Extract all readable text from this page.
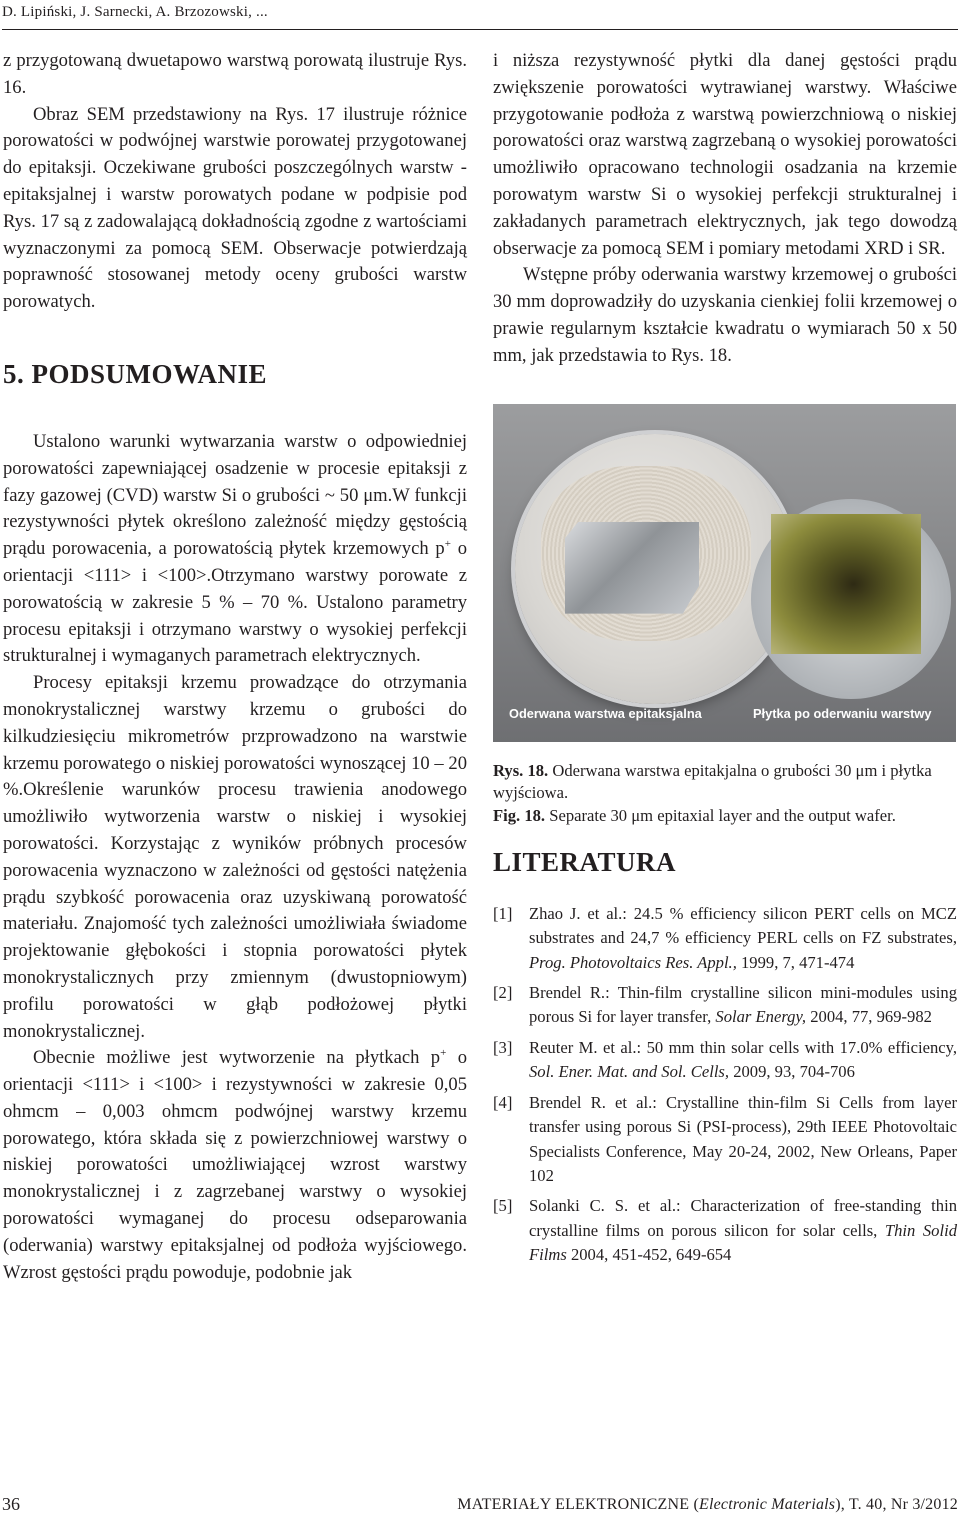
D. Lipiński, J. Sarnecki, A. Brzozowski, ...

z przygotowaną dwuetapowo warstwą porowatą ilustruje Rys. 16.

Obraz SEM przedstawiony na Rys. 17 ilustruje różnice porowatości w podwójnej warstwie porowatej przygotowanej do epitaksji. Oczekiwane grubości poszczególnych warstw - epitaksjalnej i warstw porowatych podane w podpisie pod Rys. 17 są z zadowalającą dokładnością zgodne z wartościami wyznaczonymi za pomocą SEM. Obserwacje potwierdzają poprawność stosowanej metody oceny grubości warstw porowatych.

5. PODSUMOWANIE

Ustalono warunki wytwarzania warstw o odpowiedniej porowatości zapewniającej osadzenie w procesie epitaksji z fazy gazowej (CVD) warstw Si o grubości ~ 50 μm.W funkcji rezystywności płytek określono zależność między gęstością prądu porowacenia, a porowatością płytek krzemowych p+ o orientacji <111> i <100>.Otrzymano warstwy porowate z porowatością w zakresie 5 % – 70 %. Ustalono parametry procesu epitaksji i otrzymano warstwy o wysokiej perfekcji strukturalnej i wymaganych parametrach elektrycznych.

Procesy epitaksji krzemu prowadzące do otrzymania monokrystalicznej warstwy krzemu o grubości do kilkudziesięciu mikrometrów przprowadzono na warstwie krzemu porowatego o niskiej porowatości wynoszącej 10 – 20 %.Określenie warunków procesu trawienia anodowego umożliwiło wytworzenia warstw o niskiej i wysokiej porowatości. Korzystając z wyników próbnych procesów porowacenia wyznaczono w zależności od gęstości natężenia prądu szybkość porowacenia oraz uzyskiwaną porowatość materiału. Znajomość tych zależności umożliwiała świadome projektowanie głębokości i stopnia porowatości płytek monokrystalicznych przy zmiennym (dwustopniowym) profilu porowatości w głąb podłożowej płytki monokrystalicznej.

Obecnie możliwe jest wytworzenie na płytkach p+ o orientacji <111> i <100> i rezystywności w zakresie 0,05 ohmcm – 0,003 ohmcm podwójnej warstwy krzemu porowatego, która składa się z powierzchniowej warstwy o niskiej porowatości umożliwiającej wzrost warstwy monokrystalicznej i z zagrzebanej warstwy o wysokiej porowatości wymaganej do procesu odseparowania (oderwania) warstwy epitaksjalnej od podłoża wyjściowego. Wzrost gęstości prądu powoduje, podobnie jak

i niższa rezystywność płytki dla danej gęstości prądu zwiększenie porowatości wytrawianej warstwy. Właściwe przygotowanie podłoża z warstwą powierzchniową o niskiej porowatości oraz warstwą zagrzebaną o wysokiej porowatości umożliwiło opracowano technologii osadzania na krzemie porowatym warstw Si o wysokiej perfekcji strukturalnej i zakładanych parametrach elektrycznych, jak tego dowodzą obserwacje za pomocą SEM i pomiary metodami XRD i SR.

Wstępne próby oderwania warstwy krzemowej o grubości 30 mm doprowadziły do uzyskania cienkiej folii krzemowej o prawie regularnym kształcie kwadratu o wymiarach 50 x 50 mm, jak przedstawia to Rys. 18.

Oderwana warstwa epitaksjalna	Płytka po oderwaniu warstwy

Rys. 18. Oderwana warstwa epitakjalna o grubości 30 μm i płytka wyjściowa.

Fig. 18. Separate 30 μm epitaxial layer and the output wafer.

LITERATURA
[1]	Zhao J. et al.: 24.5 % efficiency silicon PERT cells on MCZ substrates and 24,7 % efficiency PERL cells on FZ substrates, Prog. Photovoltaics Res. Appl., 1999, 7, 471-474
[2]	Brendel R.: Thin-film crystalline silicon mini-modules using porous Si for layer transfer, Solar Energy, 2004, 77, 969-982
[3]	Reuter M. et al.: 50 mm thin solar cells with 17.0% efficiency, Sol. Ener. Mat. and Sol. Cells, 2009, 93, 704-706
[4]	Brendel R. et al.: Crystalline thin-film Si Cells from layer transfer using porous Si (PSI-process), 29th IEEE Photovoltaic Specialists Conference, May 20-24, 2002, New Orleans, Paper 102
[5]	Solanki C. S. et al.: Characterization of free-standing thin crystalline films on porous silicon for solar cells, Thin Solid Films 2004, 451-452, 649-654
36	MATERIAŁY ELEKTRONICZNE (Electronic Materials), T. 40, Nr 3/2012
